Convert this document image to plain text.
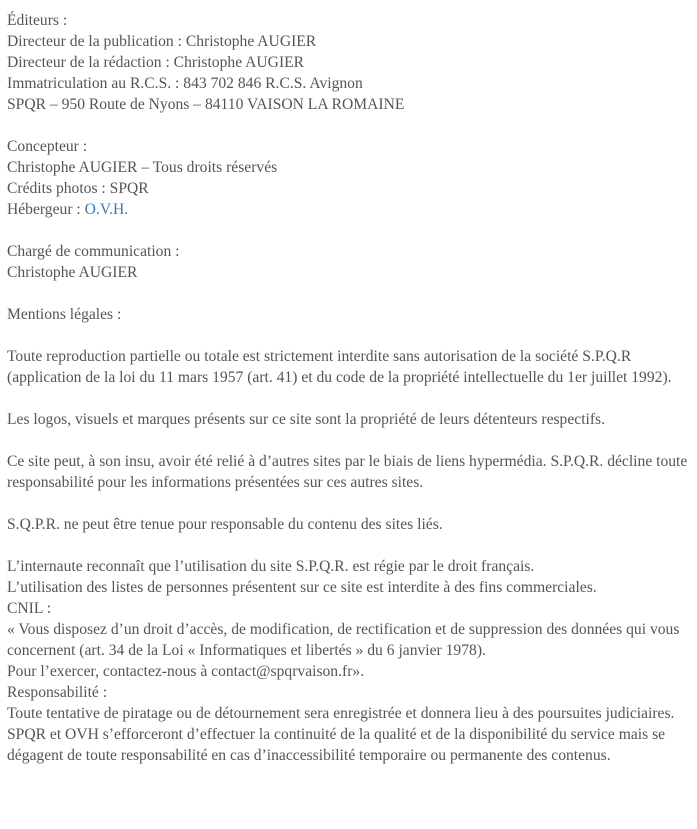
Éditeurs :
Directeur de la publication : Christophe AUGIER
Directeur de la rédaction : Christophe AUGIER
Immatriculation au R.C.S. : 843 702 846 R.C.S. Avignon
SPQR – 950 Route de Nyons – 84110 VAISON LA ROMAINE

Concepteur :
Christophe AUGIER – Tous droits réservés
Crédits photos : SPQR
Hébergeur : O.V.H.

Chargé de communication :
Christophe AUGIER

Mentions légales :

Toute reproduction partielle ou totale est strictement interdite sans autorisation de la société S.P.Q.R (application de la loi du 11 mars 1957 (art. 41) et du code de la propriété intellectuelle du 1er juillet 1992).

Les logos, visuels et marques présents sur ce site sont la propriété de leurs détenteurs respectifs.

Ce site peut, à son insu, avoir été relié à d’autres sites par le biais de liens hypermédia. S.P.Q.R. décline toute responsabilité pour les informations présentées sur ces autres sites.

S.Q.P.R. ne peut être tenue pour responsable du contenu des sites liés.

L’internaute reconnaît que l’utilisation du site S.P.Q.R. est régie par le droit français.
L’utilisation des listes de personnes présentent sur ce site est interdite à des fins commerciales.
CNIL :
« Vous disposez d’un droit d’accès, de modification, de rectification et de suppression des données qui vous concernent (art. 34 de la Loi « Informatiques et libertés » du 6 janvier 1978).
Pour l’exercer, contactez-nous à contact@spqrvaison.fr».
Responsabilité :
Toute tentative de piratage ou de détournement sera enregistrée et donnera lieu à des poursuites judiciaires.
SPQR et OVH s’efforceront d’effectuer la continuité de la qualité et de la disponibilité du service mais se dégagent de toute responsabilité en cas d’inaccessibilité temporaire ou permanente des contenus.
